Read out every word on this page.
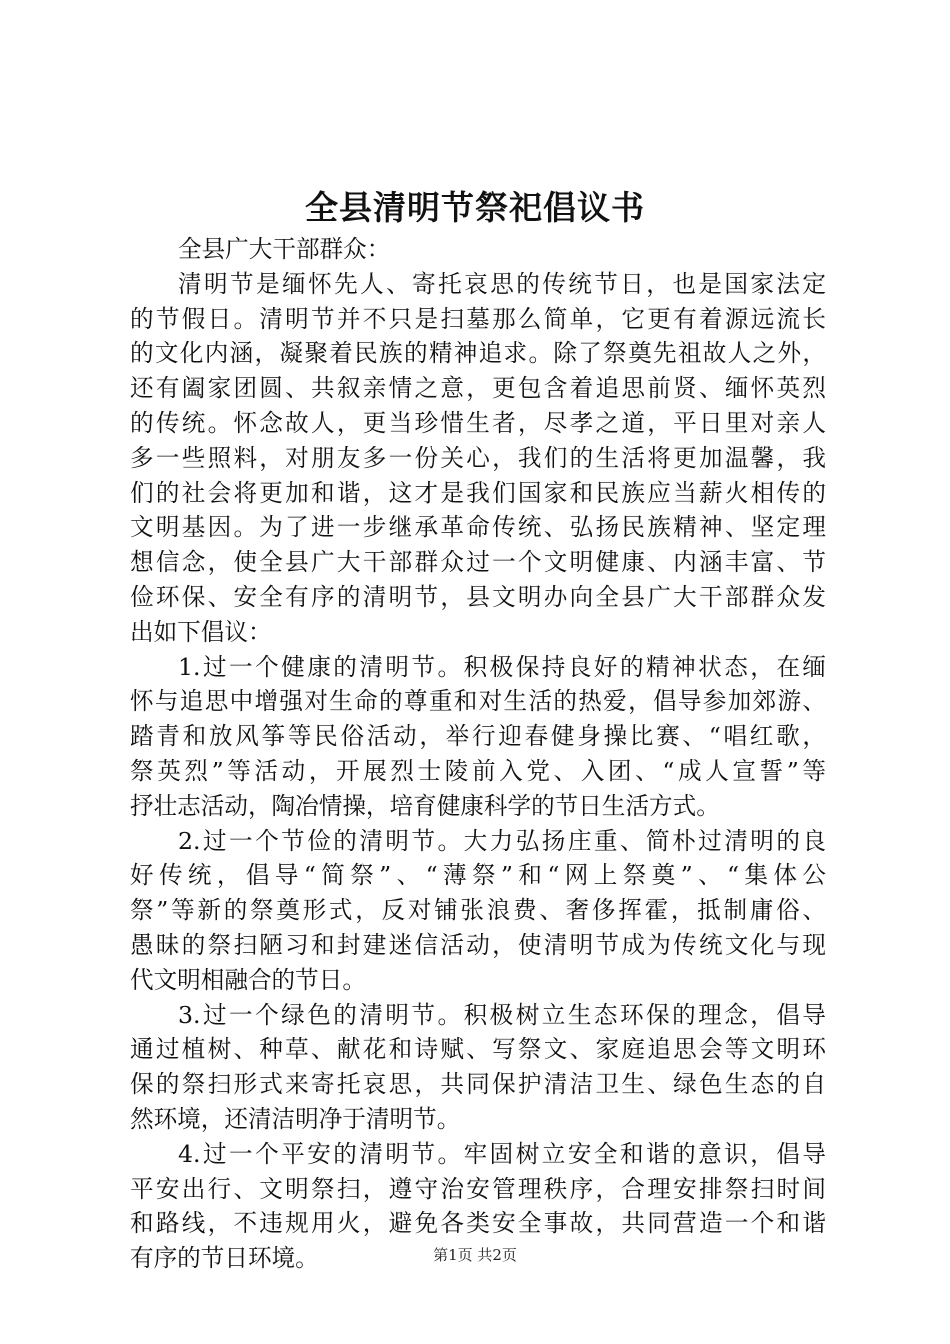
全县清明节祭祀倡议书
全县广大干部群众：
清明节是缅怀先人、寄托哀思的传统节日，也是国家法定
的节假日。清明节并不只是扫墓那么简单，它更有着源远流长
的文化内涵，凝聚着民族的精神追求。除了祭奠先祖故人之外，
还有阖家团圆、共叙亲情之意，更包含着追思前贤、缅怀英烈
的传统。怀念故人，更当珍惜生者，尽孝之道，平日里对亲人
多一些照料，对朋友多一份关心，我们的生活将更加温馨，我
们的社会将更加和谐，这才是我们国家和民族应当薪火相传的
文明基因。为了进一步继承革命传统、弘扬民族精神、坚定理
想信念，使全县广大干部群众过一个文明健康、内涵丰富、节
俭环保、安全有序的清明节，县文明办向全县广大干部群众发
出如下倡议：
1.过一个健康的清明节。积极保持良好的精神状态，在缅
怀与追思中增强对生命的尊重和对生活的热爱，倡导参加郊游、
踏青和放风筝等民俗活动，举行迎春健身操比赛、“唱红歌，
祭英烈”等活动，开展烈士陵前入党、入团、“成人宣誓”等
抒壮志活动，陶冶情操，培育健康科学的节日生活方式。
2.过一个节俭的清明节。大力弘扬庄重、简朴过清明的良
好传统，倡导“简祭”、“薄祭”和“网上祭奠”、“集体公
祭”等新的祭奠形式，反对铺张浪费、奢侈挥霍，抵制庸俗、
愚昧的祭扫陋习和封建迷信活动，使清明节成为传统文化与现
代文明相融合的节日。
3.过一个绿色的清明节。积极树立生态环保的理念，倡导
通过植树、种草、献花和诗赋、写祭文、家庭追思会等文明环
保的祭扫形式来寄托哀思，共同保护清洁卫生、绿色生态的自
然环境，还清洁明净于清明节。
4.过一个平安的清明节。牢固树立安全和谐的意识，倡导
平安出行、文明祭扫，遵守治安管理秩序，合理安排祭扫时间
和路线，不违规用火，避免各类安全事故，共同营造一个和谐
有序的节日环境。	第1页 共2页
